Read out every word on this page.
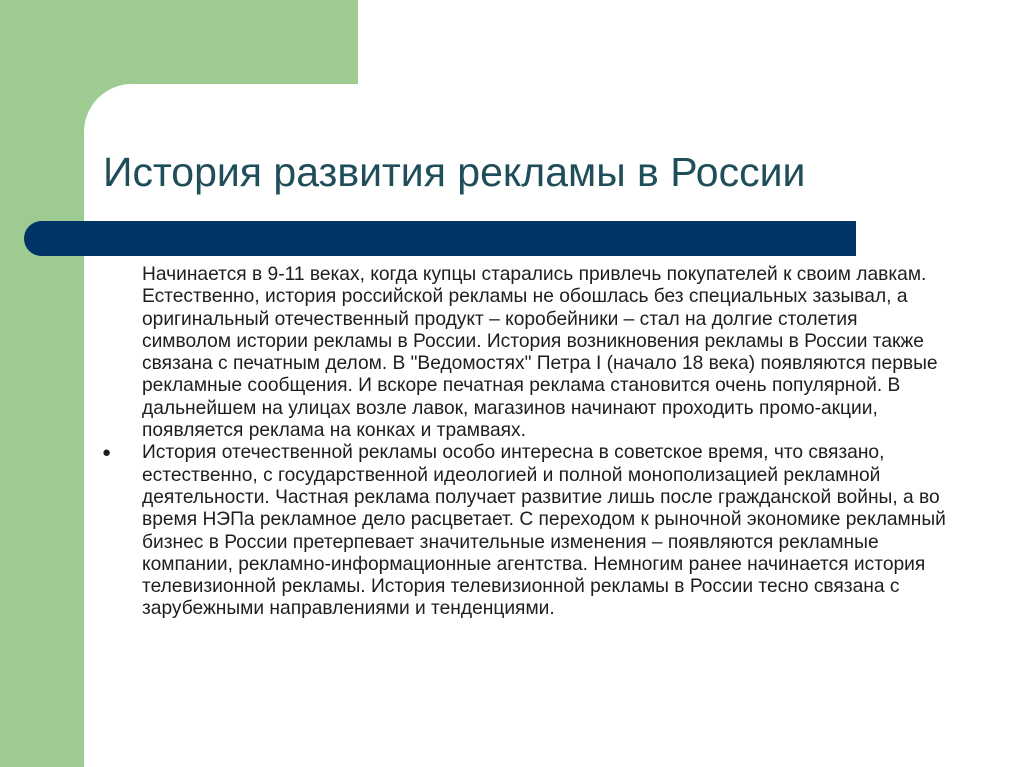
История развития рекламы в России

Начинается в 9-11 веках, когда купцы старались привлечь покупателей к своим лавкам. Естественно, история российской рекламы не обошлась без специальных зазывал, а оригинальный отечественный продукт – коробейники – стал на долгие столетия символом истории рекламы в России. История возникновения рекламы в России также связана с печатным делом. В "Ведомостях" Петра I (начало 18 века) появляются первые рекламные сообщения. И вскоре печатная реклама становится очень популярной. В дальнейшем на улицах возле лавок, магазинов начинают проходить промо-акции, появляется реклама на конках и трамваях.

●	История отечественной рекламы особо интересна в советское время, что связано, естественно, с государственной идеологией и полной монополизацией рекламной деятельности. Частная реклама получает развитие лишь после гражданской войны, а во время НЭПа рекламное дело расцветает. С переходом к рыночной экономике рекламный бизнес в России претерпевает значительные изменения – появляются рекламные компании, рекламно-информационные агентства. Немногим ранее начинается история телевизионной рекламы. История телевизионной рекламы в России тесно связана с зарубежными направлениями и тенденциями.
